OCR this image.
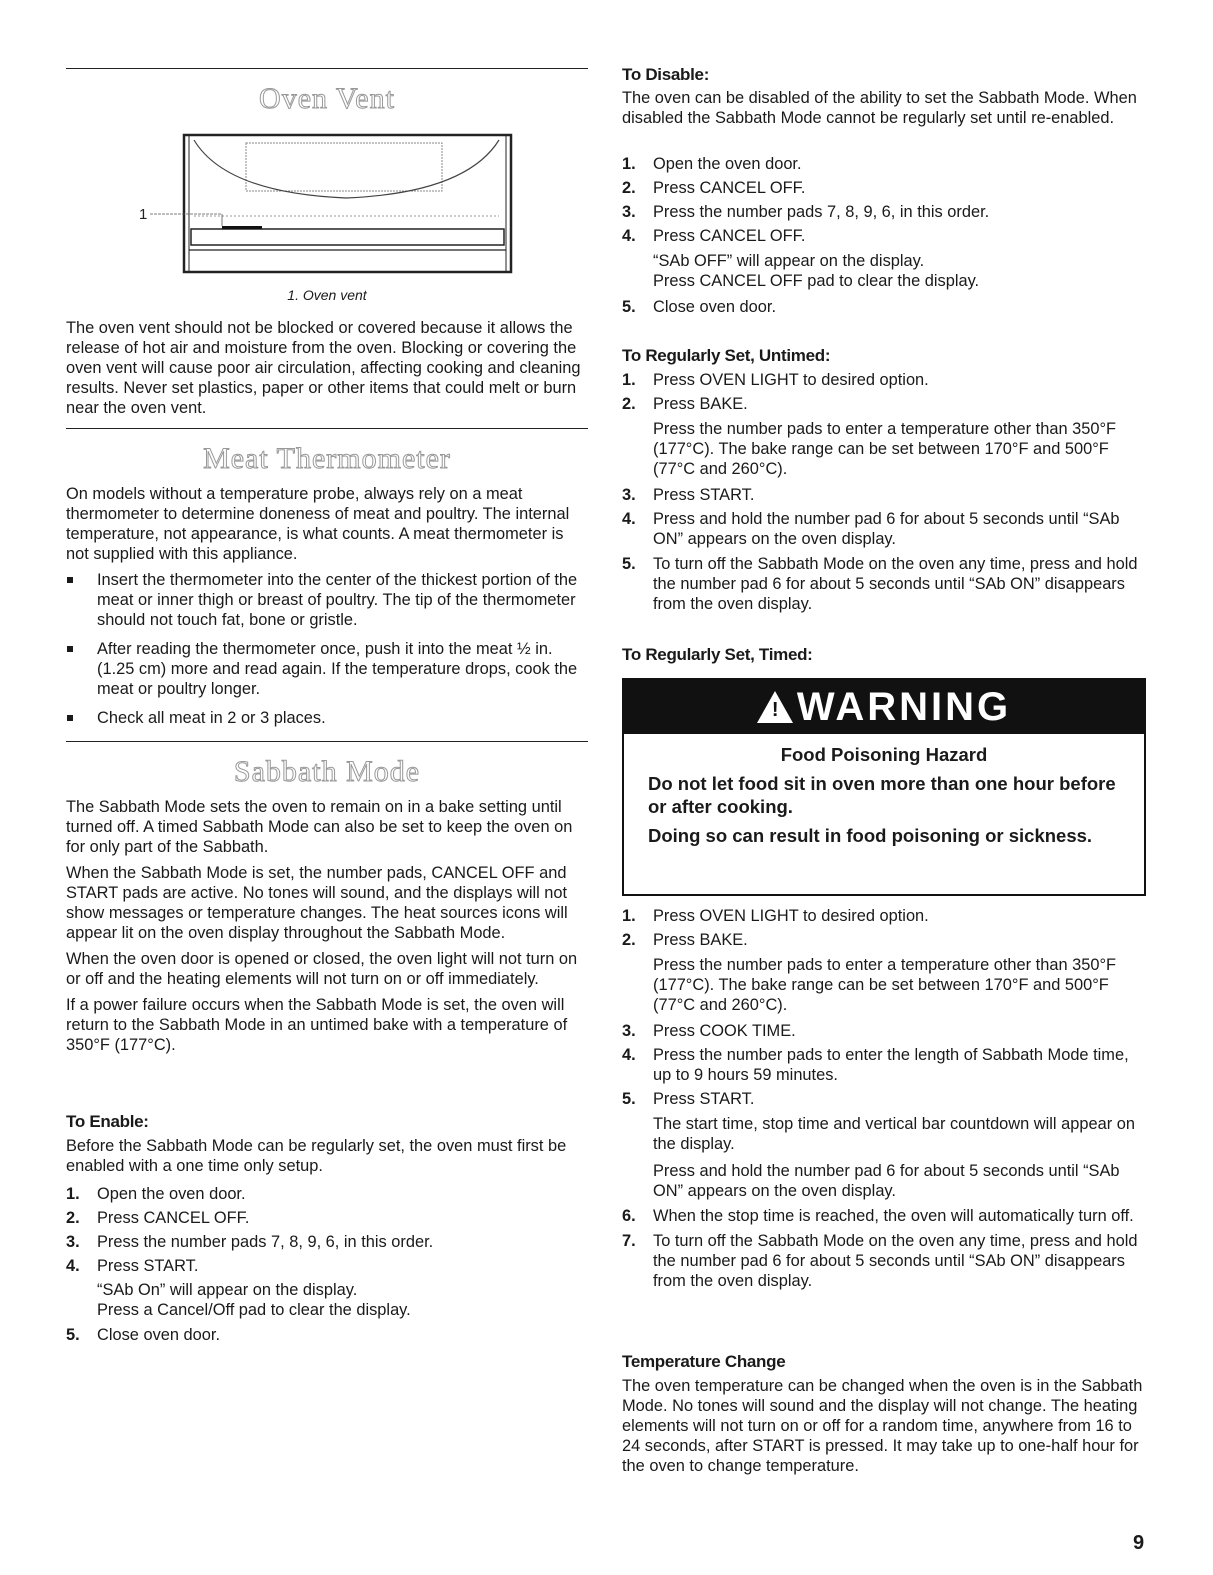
Oven Vent
1

1. Oven vent

The oven vent should not be blocked or covered because it allows the release of hot air and moisture from the oven. Blocking or covering the oven vent will cause poor air circulation, affecting cooking and cleaning results. Never set plastics, paper or other items that could melt or burn near the oven vent.

Meat Thermometer

On models without a temperature probe, always rely on a meat thermometer to determine doneness of meat and poultry. The internal temperature, not appearance, is what counts. A meat thermometer is not supplied with this appliance.

Insert the thermometer into the center of the thickest portion of the meat or inner thigh or breast of poultry. The tip of the thermometer should not touch fat, bone or gristle.
After reading the thermometer once, push it into the meat ½ in. (1.25 cm) more and read again. If the temperature drops, cook the meat or poultry longer.
Check all meat in 2 or 3 places.
Sabbath Mode

The Sabbath Mode sets the oven to remain on in a bake setting until turned off. A timed Sabbath Mode can also be set to keep the oven on for only part of the Sabbath.

When the Sabbath Mode is set, the number pads, CANCEL OFF and START pads are active. No tones will sound, and the displays will not show messages or temperature changes. The heat sources icons will appear lit on the oven display throughout the Sabbath Mode.

When the oven door is opened or closed, the oven light will not turn on or off and the heating elements will not turn on or off immediately.

If a power failure occurs when the Sabbath Mode is set, the oven will return to the Sabbath Mode in an untimed bake with a temperature of 350°F (177°C).

To Enable:

Before the Sabbath Mode can be regularly set, the oven must first be enabled with a one time only setup.

1. Open the oven door.
2. Press CANCEL OFF.
3. Press the number pads 7, 8, 9, 6, in this order.
4. Press START.
“SAb On” will appear on the display.
Press a Cancel/Off pad to clear the display.
5. Close oven door.
To Disable:

The oven can be disabled of the ability to set the Sabbath Mode. When disabled the Sabbath Mode cannot be regularly set until re-enabled.

1. Open the oven door.
2. Press CANCEL OFF.
3. Press the number pads 7, 8, 9, 6, in this order.
4. Press CANCEL OFF.
“SAb OFF” will appear on the display.
Press CANCEL OFF pad to clear the display.
5. Close oven door.
To Regularly Set, Untimed:
1. Press OVEN LIGHT to desired option.
2. Press BAKE.
Press the number pads to enter a temperature other than 350°F (177°C). The bake range can be set between 170°F and 500°F (77°C and 260°C).
3. Press START.
4. Press and hold the number pad 6 for about 5 seconds until “SAb ON” appears on the oven display.
5. To turn off the Sabbath Mode on the oven any time, press and hold the number pad 6 for about 5 seconds until “SAb ON” disappears from the oven display.
To Regularly Set, Timed:
! WARNING
Food Poisoning Hazard
Do not let food sit in oven more than one hour before or after cooking.
Doing so can result in food poisoning or sickness.
1. Press OVEN LIGHT to desired option.
2. Press BAKE.
Press the number pads to enter a temperature other than 350°F (177°C). The bake range can be set between 170°F and 500°F (77°C and 260°C).
3. Press COOK TIME.
4. Press the number pads to enter the length of Sabbath Mode time, up to 9 hours 59 minutes.
5. Press START.
The start time, stop time and vertical bar countdown will appear on the display.
Press and hold the number pad 6 for about 5 seconds until “SAb ON” appears on the oven display.
6. When the stop time is reached, the oven will automatically turn off.
7. To turn off the Sabbath Mode on the oven any time, press and hold the number pad 6 for about 5 seconds until “SAb ON” disappears from the oven display.
Temperature Change

The oven temperature can be changed when the oven is in the Sabbath Mode. No tones will sound and the display will not change. The heating elements will not turn on or off for a random time, anywhere from 16 to 24 seconds, after START is pressed. It may take up to one-half hour for the oven to change temperature.

9
